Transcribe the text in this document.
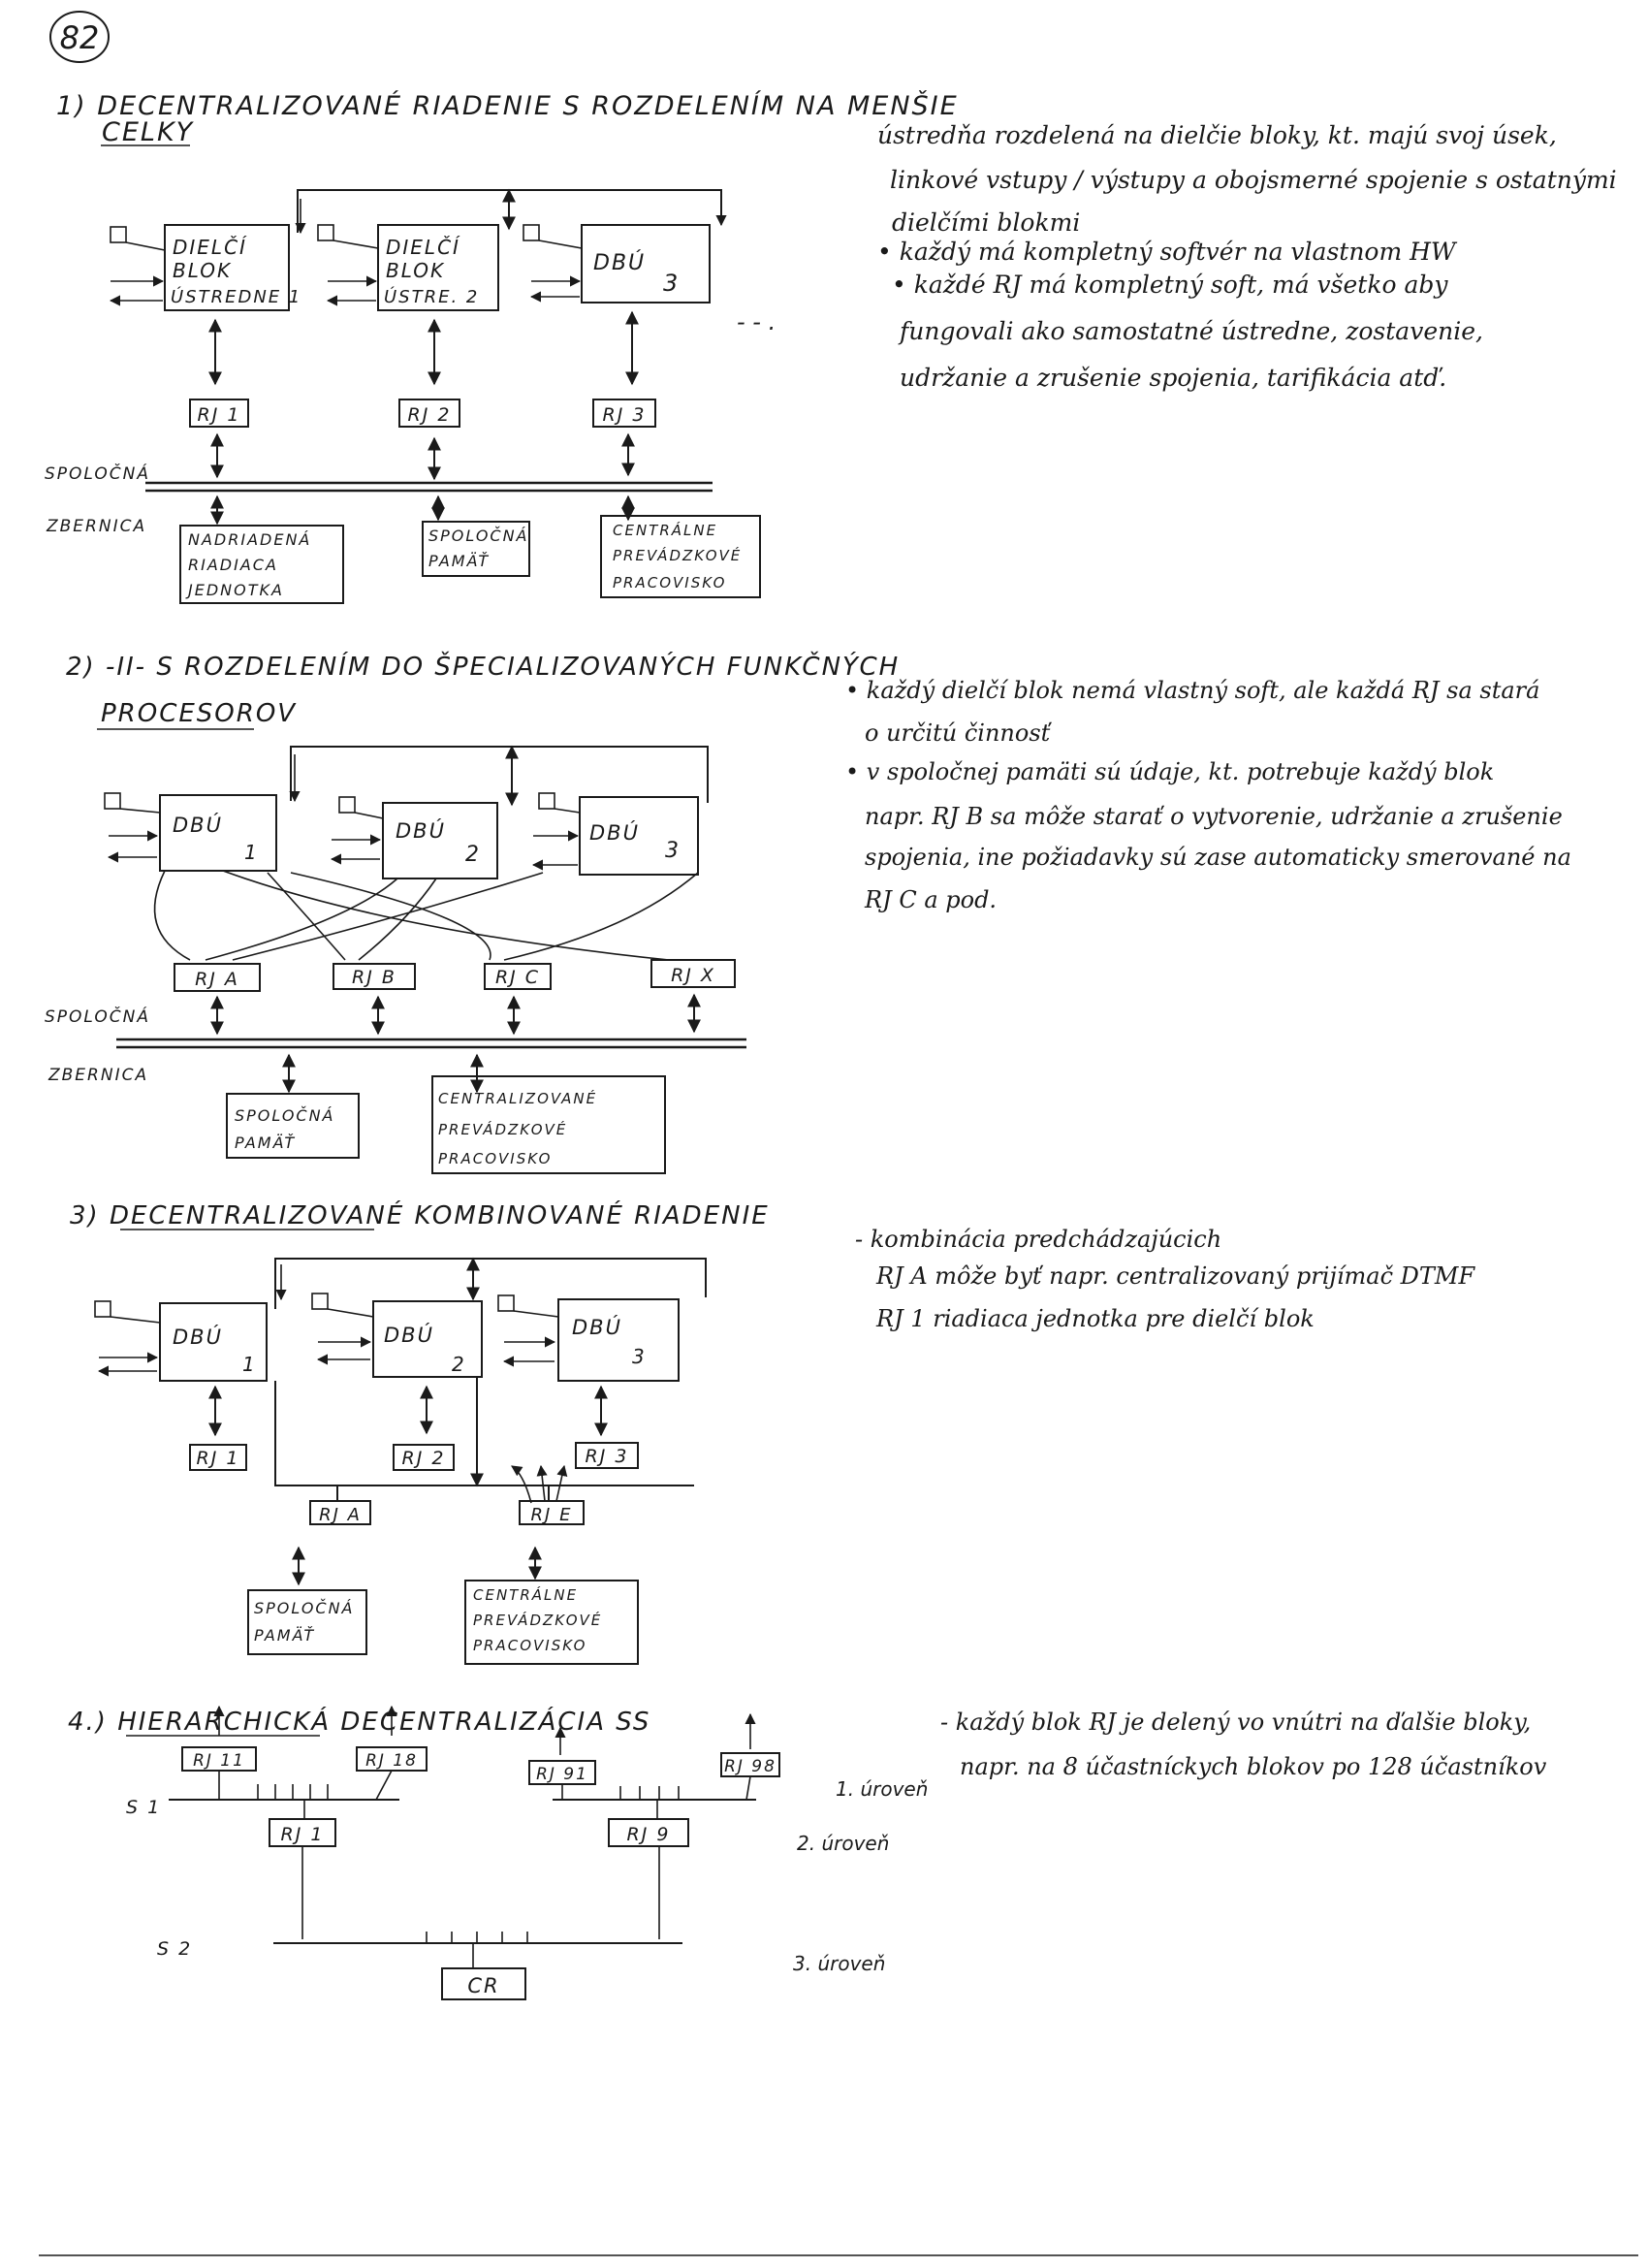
82
1) DECENTRALIZOVANÉ RIADENIE S ROZDELENÍM NA MENŠIE
CELKY
DIELČÍ
BLOK
ÚSTREDNE 1
DIELČÍ
BLOK
ÚSTRE. 2
DBÚ
3
- - .
RJ 1	RJ 2	RJ 3
SPOLOČNÁ
ZBERNICA
NADRIADENÁ
RIADIACA
JEDNOTKA
SPOLOČNÁ
PAMÄŤ
CENTRÁLNE
PREVÁDZKOVÉ
PRACOVISKO
ústredňa rozdelená na dielčie bloky, kt. majú svoj úsek,
linkové vstupy / výstupy a obojsmerné spojenie s ostatnými
dielčími blokmi
• každý má kompletný softvér na vlastnom HW
• každé RJ má kompletný soft, má všetko aby
fungovali ako samostatné ústredne, zostavenie,
udržanie a zrušenie spojenia, tarifikácia atď.
2) -II- S ROZDELENÍM DO ŠPECIALIZOVANÝCH FUNKČNÝCH
PROCESOROV
DBÚ
1
DBÚ
2
DBÚ
3
RJ A	RJ B	RJ C	RJ X
SPOLOČNÁ
ZBERNICA
SPOLOČNÁ
PAMÄŤ
CENTRALIZOVANÉ
PREVÁDZKOVÉ
PRACOVISKO
• každý dielčí blok nemá vlastný soft, ale každá RJ sa stará
o určitú činnosť
• v spoločnej pamäti sú údaje, kt. potrebuje každý blok
napr. RJ B sa môže starať o vytvorenie, udržanie a zrušenie
spojenia, ine požiadavky sú zase automaticky smerované na
RJ C a pod.
3) DECENTRALIZOVANÉ KOMBINOVANÉ RIADENIE
DBÚ
1
DBÚ
2
DBÚ
3
RJ 1	RJ 2	RJ 3
RJ A	RJ E
SPOLOČNÁ
PAMÄŤ
CENTRÁLNE
PREVÁDZKOVÉ
PRACOVISKO
- kombinácia predchádzajúcich
RJ A môže byť napr. centralizovaný prijímač DTMF
RJ 1 riadiaca jednotka pre dielčí blok
4.) HIERARCHICKÁ DECENTRALIZÁCIA SS
RJ 11	RJ 18
RJ 91	RJ 98
S 1
RJ 1	RJ 9
S 2
CR
1. úroveň
2. úroveň
3. úroveň
- každý blok RJ je delený vo vnútri na ďalšie bloky,
napr. na 8 účastníckych blokov po 128 účastníkov
